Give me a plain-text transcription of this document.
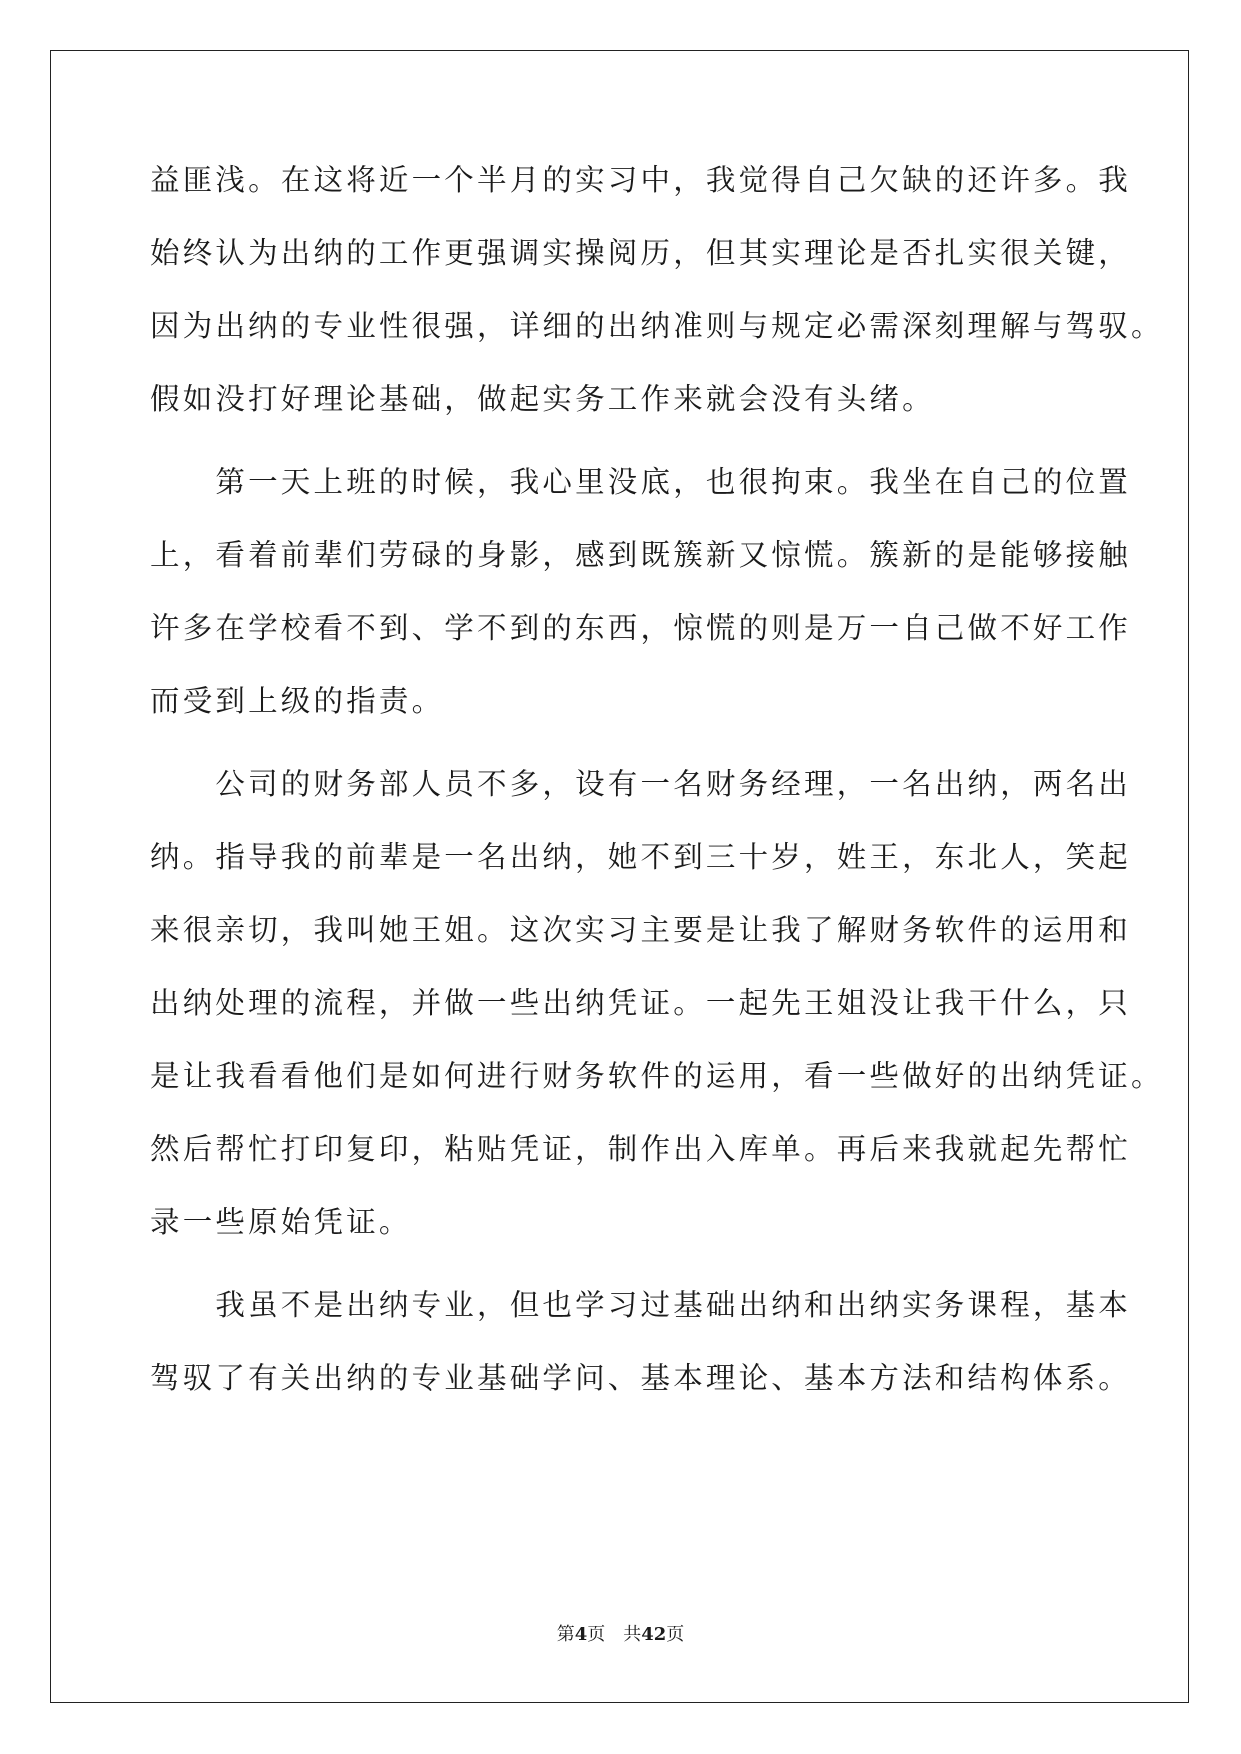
益匪浅。在这将近一个半月的实习中，我觉得自己欠缺的还许多。我
始终认为出纳的工作更强调实操阅历，但其实理论是否扎实很关键，
因为出纳的专业性很强，详细的出纳准则与规定必需深刻理解与驾驭。
假如没打好理论基础，做起实务工作来就会没有头绪。
　　第一天上班的时候，我心里没底，也很拘束。我坐在自己的位置
上，看着前辈们劳碌的身影，感到既簇新又惊慌。簇新的是能够接触
许多在学校看不到、学不到的东西，惊慌的则是万一自己做不好工作
而受到上级的指责。
　　公司的财务部人员不多，设有一名财务经理，一名出纳，两名出
纳。指导我的前辈是一名出纳，她不到三十岁，姓王，东北人，笑起
来很亲切，我叫她王姐。这次实习主要是让我了解财务软件的运用和
出纳处理的流程，并做一些出纳凭证。一起先王姐没让我干什么，只
是让我看看他们是如何进行财务软件的运用，看一些做好的出纳凭证。
然后帮忙打印复印，粘贴凭证，制作出入库单。再后来我就起先帮忙
录一些原始凭证。
　　我虽不是出纳专业，但也学习过基础出纳和出纳实务课程，基本
驾驭了有关出纳的专业基础学问、基本理论、基本方法和结构体系。
第4页 共42页
